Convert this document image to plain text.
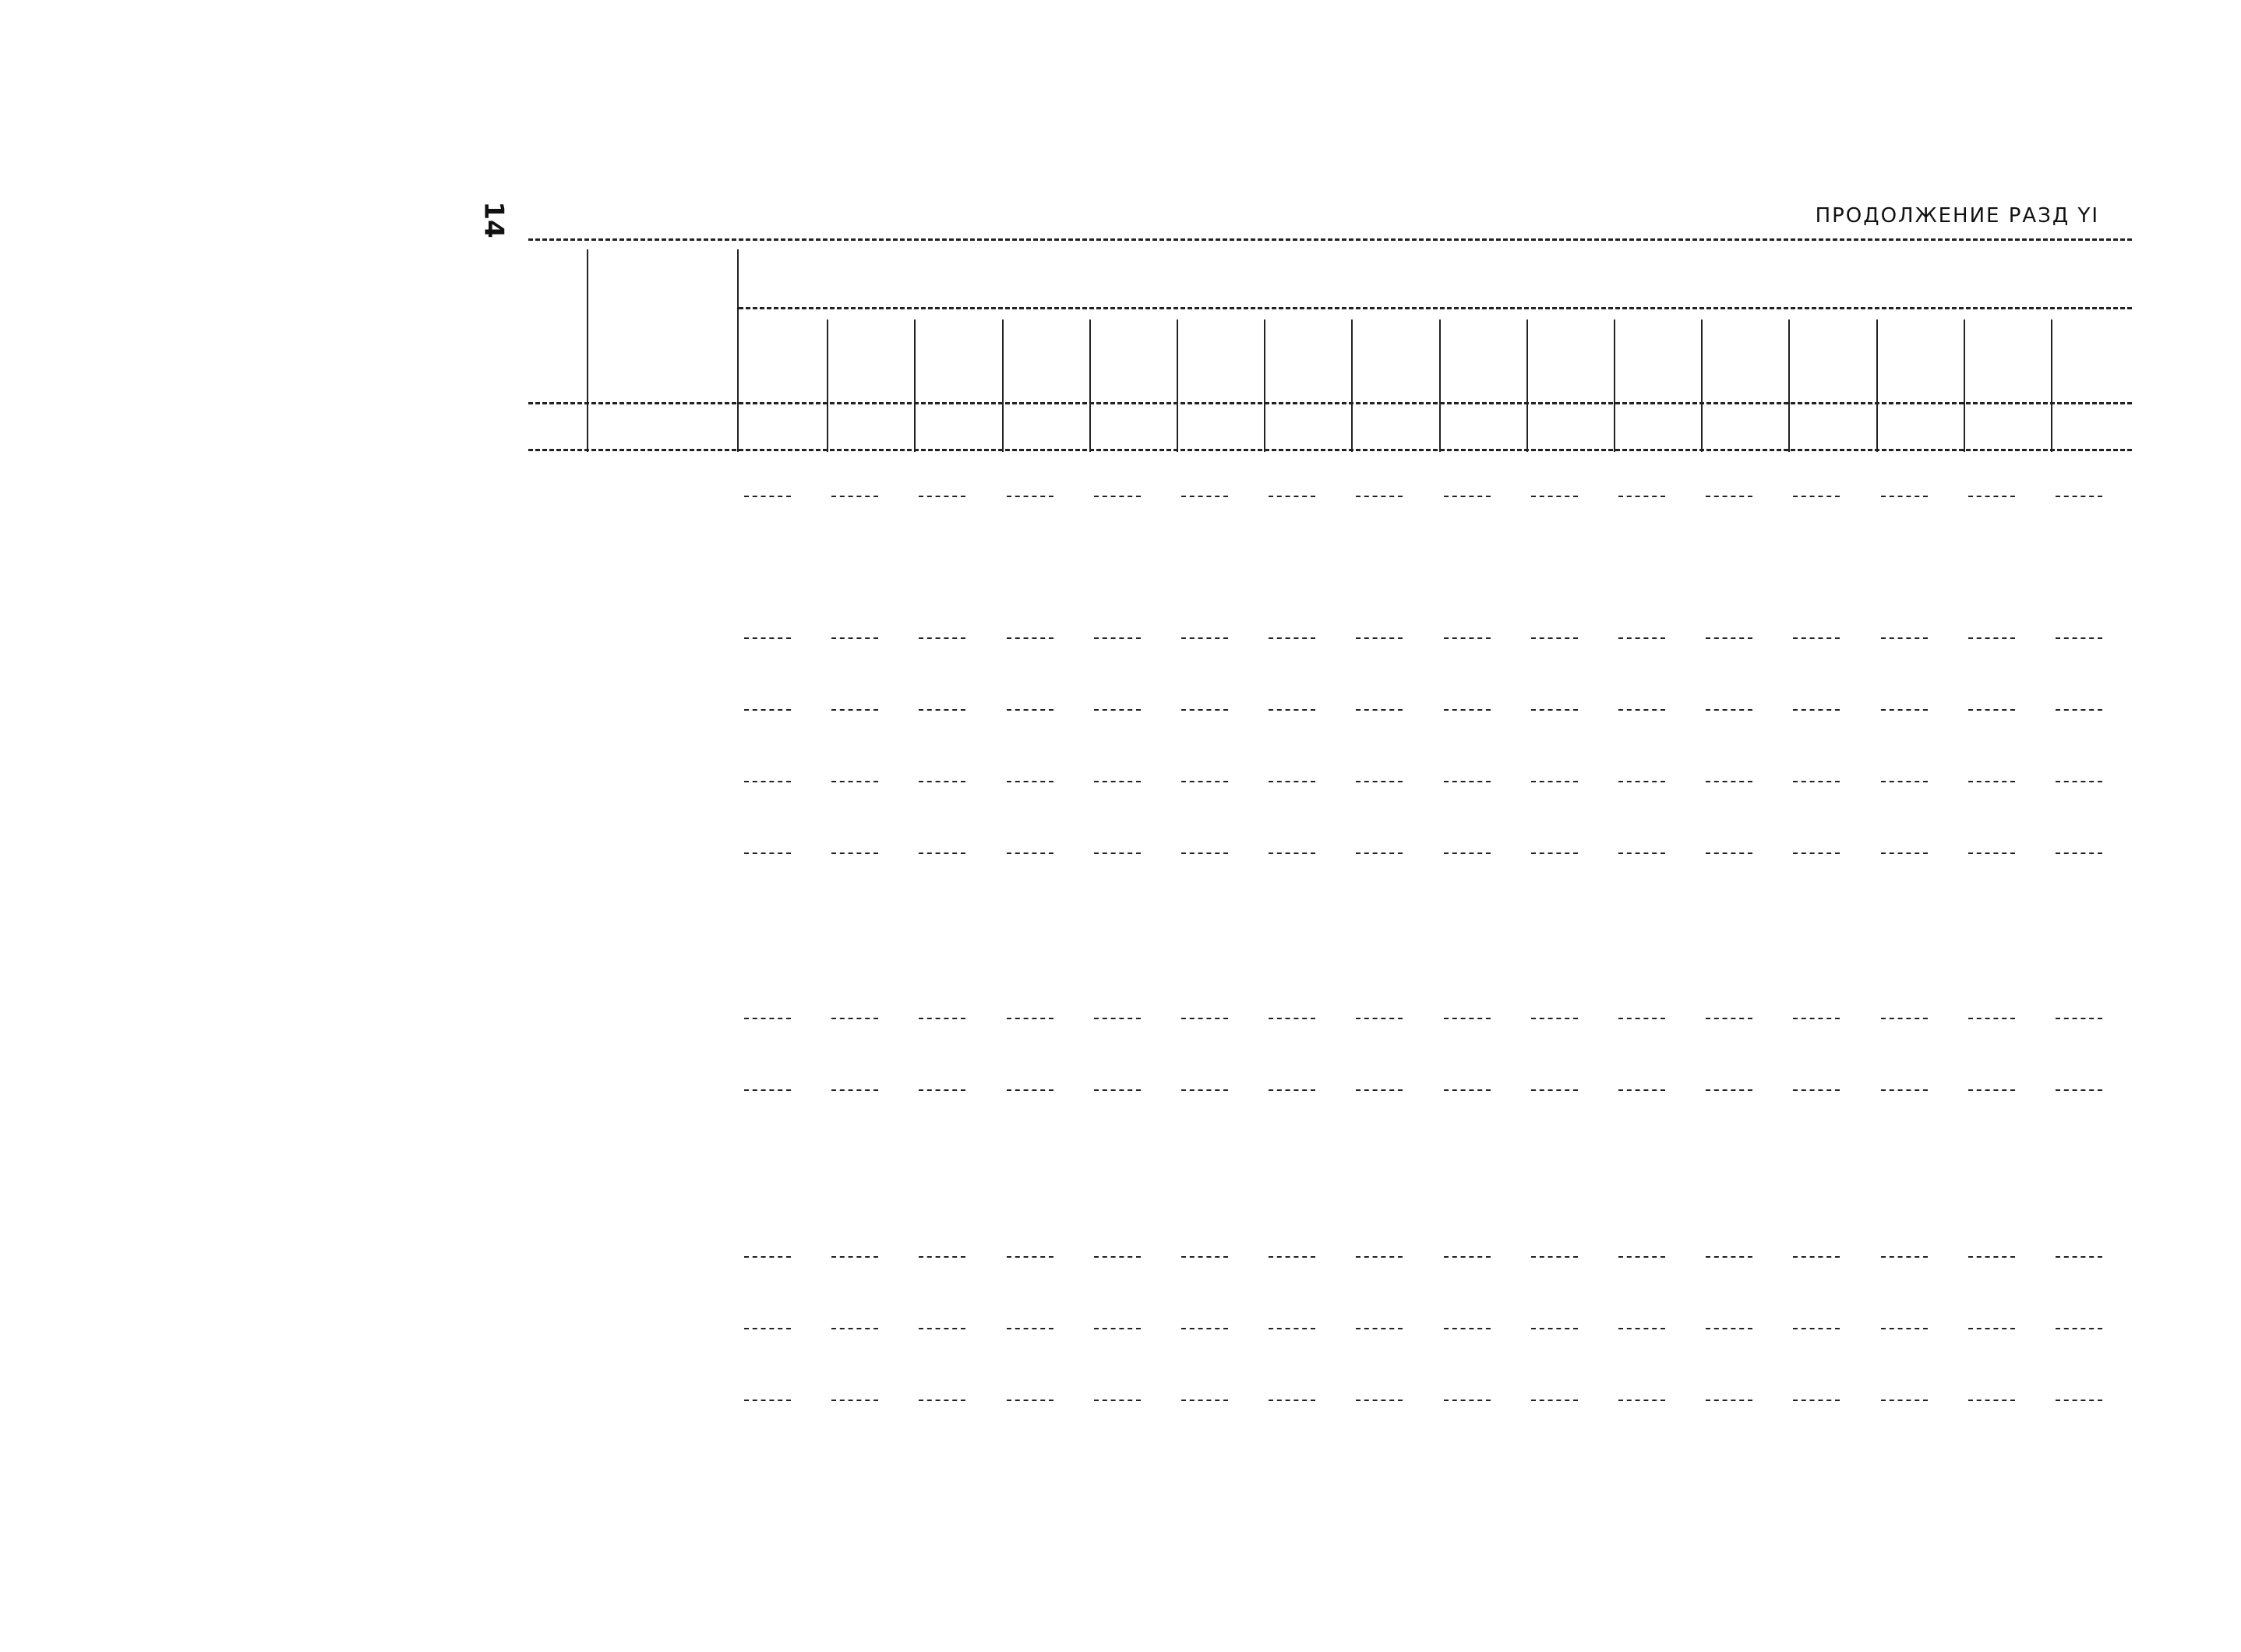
14	ПРОДОЛЖЕНИЕ РАЗД YI
